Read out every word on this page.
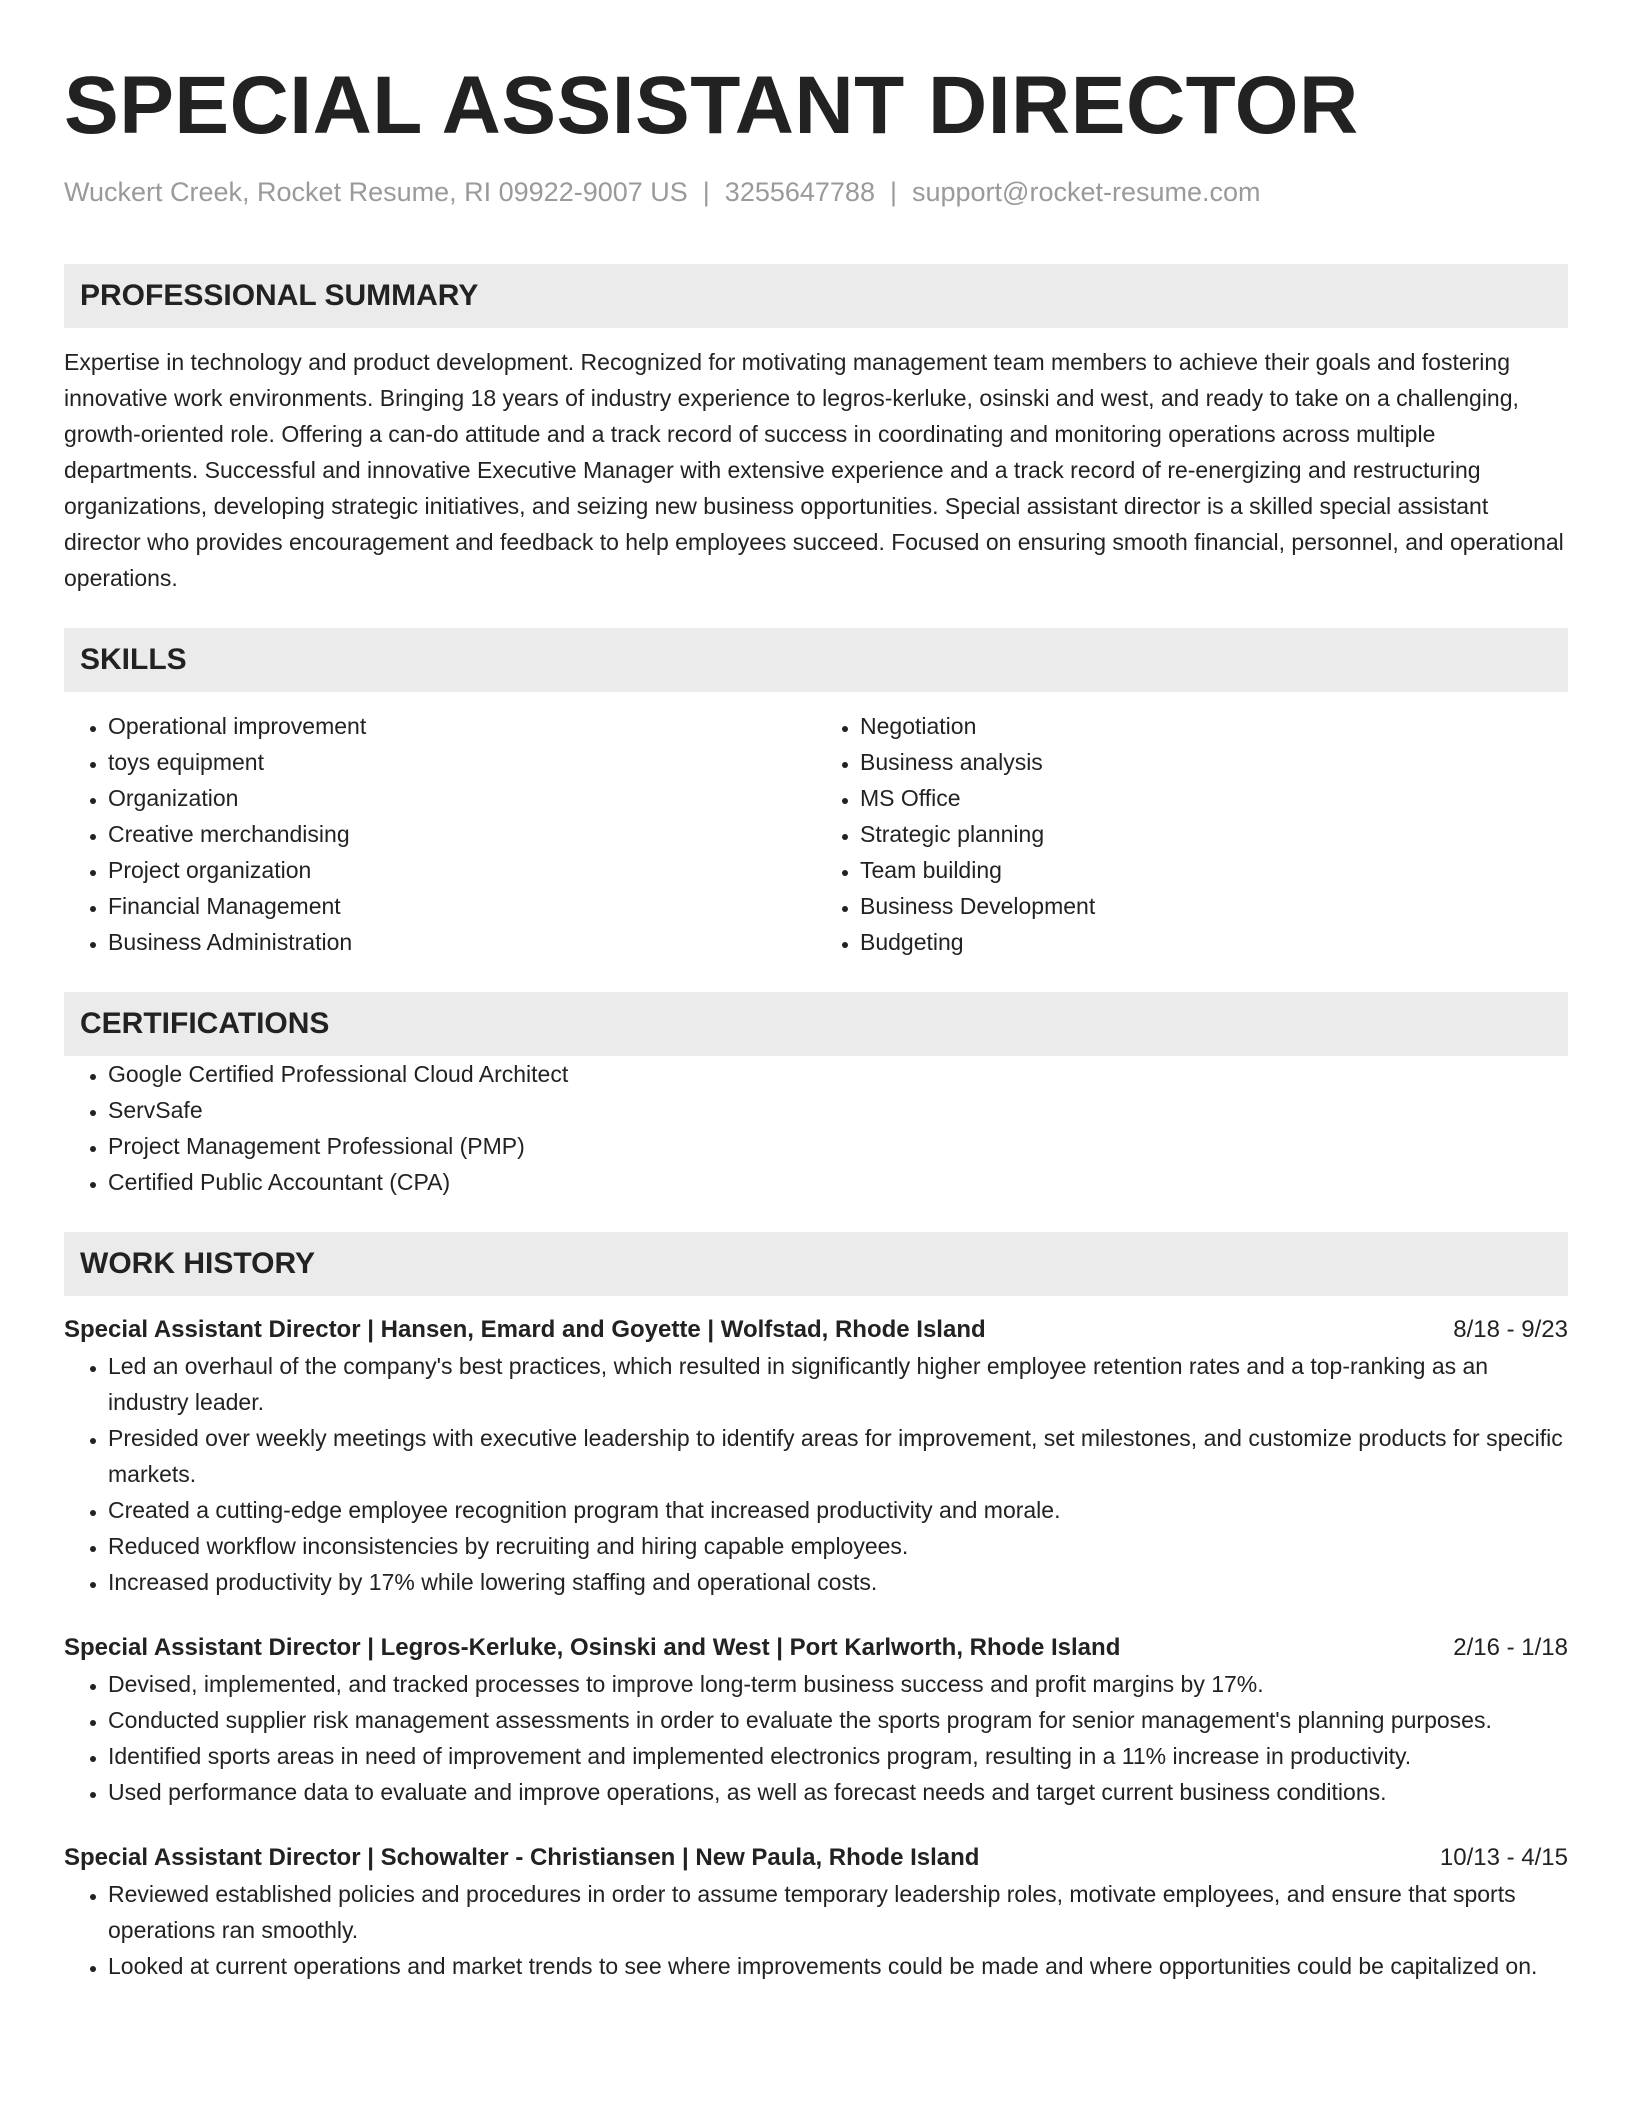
SPECIAL ASSISTANT DIRECTOR
Wuckert Creek, Rocket Resume, RI 09922-9007 US | 3255647788 | support@rocket-resume.com
PROFESSIONAL SUMMARY

Expertise in technology and product development. Recognized for motivating management team members to achieve their goals and fostering innovative work environments. Bringing 18 years of industry experience to legros-kerluke, osinski and west, and ready to take on a challenging, growth-oriented role. Offering a can-do attitude and a track record of success in coordinating and monitoring operations across multiple departments. Successful and innovative Executive Manager with extensive experience and a track record of re-energizing and restructuring organizations, developing strategic initiatives, and seizing new business opportunities. Special assistant director is a skilled special assistant director who provides encouragement and feedback to help employees succeed. Focused on ensuring smooth financial, personnel, and operational operations.

SKILLS
• Operational improvement
• toys equipment
• Organization
• Creative merchandising
• Project organization
• Financial Management
• Business Administration
• Negotiation
• Business analysis
• MS Office
• Strategic planning
• Team building
• Business Development
• Budgeting
CERTIFICATIONS
• Google Certified Professional Cloud Architect
• ServSafe
• Project Management Professional (PMP)
• Certified Public Accountant (CPA)
WORK HISTORY
Special Assistant Director | Hansen, Emard and Goyette | Wolfstad, Rhode Island	8/18 - 9/23
• Led an overhaul of the company's best practices, which resulted in significantly higher employee retention rates and a top-ranking as an industry leader.
• Presided over weekly meetings with executive leadership to identify areas for improvement, set milestones, and customize products for specific markets.
• Created a cutting-edge employee recognition program that increased productivity and morale.
• Reduced workflow inconsistencies by recruiting and hiring capable employees.
• Increased productivity by 17% while lowering staffing and operational costs.
Special Assistant Director | Legros-Kerluke, Osinski and West | Port Karlworth, Rhode Island	2/16 - 1/18
• Devised, implemented, and tracked processes to improve long-term business success and profit margins by 17%.
• Conducted supplier risk management assessments in order to evaluate the sports program for senior management's planning purposes.
• Identified sports areas in need of improvement and implemented electronics program, resulting in a 11% increase in productivity.
• Used performance data to evaluate and improve operations, as well as forecast needs and target current business conditions.
Special Assistant Director | Schowalter - Christiansen | New Paula, Rhode Island	10/13 - 4/15
• Reviewed established policies and procedures in order to assume temporary leadership roles, motivate employees, and ensure that sports operations ran smoothly.
• Looked at current operations and market trends to see where improvements could be made and where opportunities could be capitalized on.
